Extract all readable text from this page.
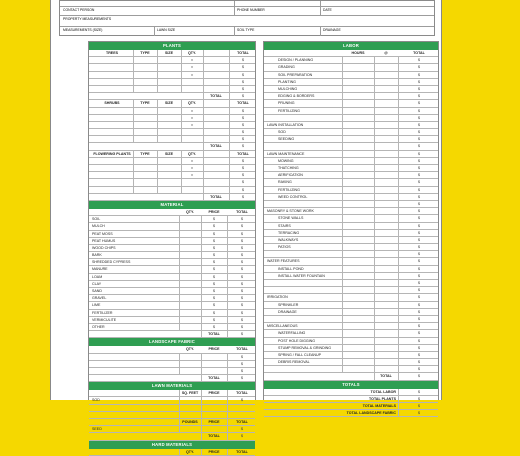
CONTACT PERSON	PHONE NUMBER	DATE
PROPERTY MEASUREMENTS
MEASUREMENTS (SIZE)	LAWN SIZE	SOIL TYPE	DRAINAGE
PLANTS
TREES	TYPE	SIZE	QTY.	TOTAL
x	$
x	$
x	$
$
$
TOTAL	$
SHRUBS	TYPE	SIZE	QTY.	TOTAL
x	$
x	$
x	$
$
$
TOTAL	$
FLOWERING PLANTS	TYPE	SIZE	QTY.	TOTAL
x	$
x	$
x	$
$
$
TOTAL	$
MATERIAL
QTY.	PRICE	TOTAL
SOIL	$	$
MULCH	$	$
PEAT MOSS	$	$
PEAT HUMUS	$	$
WOOD CHIPS	$	$
BARK	$	$
SHREDDED CYPRESS	$	$
MANURE	$	$
LOAM	$	$
CLAY	$	$
SAND	$	$
GRAVEL	$	$
LIME	$	$
FERTILIZER	$	$
VERMICULITE	$	$
OTHER	$	$
TOTAL	$
LANDSCAPE FABRIC
QTY.	PRICE	TOTAL
$
$
$
TOTAL	$
LAWN MATERIALS
SQ. FEET	PRICE	TOTAL
SOD	$
POUNDS	PRICE	TOTAL
SEED	$
TOTAL	$
HARD MATERIALS
QTY.	PRICE	TOTAL
LABOR
HOURS	@	TOTAL
DESIGN / PLANNING	$
GRADING	$
SOIL PREPARATION	$
PLANTING	$
MULCHING	$
EDGING & BORDERS	$
PRUNING	$
FERTILIZING	$
$
LAWN INSTALLATION	$
SOD	$
SEEDING	$
$
LAWN MAINTENANCE	$
MOWING	$
THATCHING	$
AERIFICATION	$
RAKING	$
FERTILIZING	$
WEED CONTROL	$
$
MASONRY & STONE WORK	$
STONE WALLS	$
STAIRS	$
TERRACING	$
WALKWAYS	$
PATIOS	$
$
WATER FEATURES	$
INSTALL POND	$
INSTALL WATER FOUNTAIN	$
$
$
IRRIGATION	$
SPRINKLER	$
DRAINAGE	$
$
MISCELLANEOUS	$
WATERFALLING	$
POST HOLE DIGGING	$
STUMP REMOVAL & GRINDING	$
SPRING / FALL CLEANUP	$
DEBRIS REMOVAL	$
$
TOTAL	$
TOTALS
TOTAL LABOR	$
TOTAL PLANTS	$
TOTAL MATERIALS	$
TOTAL LANDSCAPE FABRIC	$
